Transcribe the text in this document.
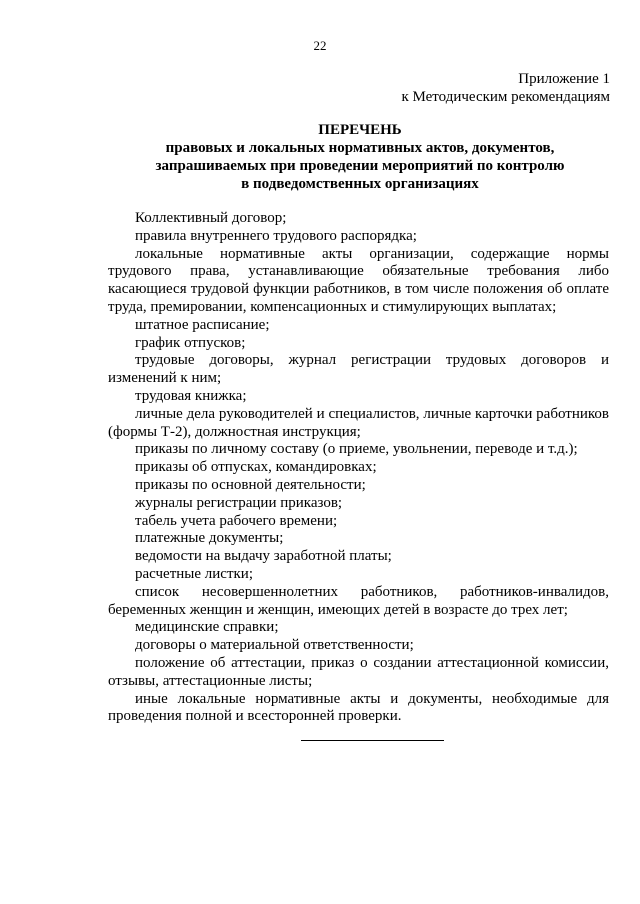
22
Приложение 1
к Методическим рекомендациям
ПЕРЕЧЕНЬ
правовых и локальных нормативных актов, документов,
запрашиваемых при проведении мероприятий по контролю
в подведомственных организациях

Коллективный договор;

правила внутреннего трудового распорядка;

локальные нормативные акты организации, содержащие нормы трудового права, устанавливающие обязательные требования либо касающиеся трудовой функции работников, в том числе положения об оплате труда, премировании, компенсационных и стимулирующих выплатах;

штатное расписание;

график отпусков;

трудовые договоры, журнал регистрации трудовых договоров и изменений к ним;

трудовая книжка;

личные дела руководителей и специалистов, личные карточки работников (формы Т-2), должностная инструкция;

приказы по личному составу (о приеме, увольнении, переводе и т.д.);

приказы об отпусках, командировках;

приказы по основной деятельности;

журналы регистрации приказов;

табель учета рабочего времени;

платежные документы;

ведомости на выдачу заработной платы;

расчетные листки;

список несовершеннолетних работников, работников-инвалидов, беременных женщин и женщин, имеющих детей в возрасте до трех лет;

медицинские справки;

договоры о материальной ответственности;

положение об аттестации, приказ о создании аттестационной комиссии, отзывы, аттестационные листы;

иные локальные нормативные акты и документы, необходимые для проведения полной и всесторонней проверки.
